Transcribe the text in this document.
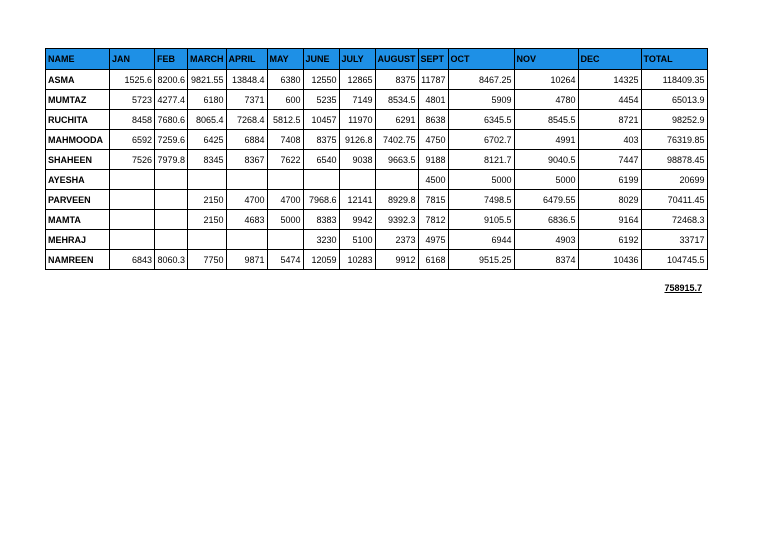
NAME	JAN	FEB	MARCH	APRIL	MAY	JUNE	JULY	AUGUST	SEPT	OCT	NOV	DEC	TOTAL
ASMA	1525.6	8200.6	9821.55	13848.4	6380	12550	12865	8375	11787	8467.25	10264	14325	118409.35
MUMTAZ	5723	4277.4	6180	7371	600	5235	7149	8534.5	4801	5909	4780	4454	65013.9
RUCHITA	8458	7680.6	8065.4	7268.4	5812.5	10457	11970	6291	8638	6345.5	8545.5	8721	98252.9
MAHMOODA	6592	7259.6	6425	6884	7408	8375	9126.8	7402.75	4750	6702.7	4991	403	76319.85
SHAHEEN	7526	7979.8	8345	8367	7622	6540	9038	9663.5	9188	8121.7	9040.5	7447	98878.45
AYESHA									4500	5000	5000	6199	20699
PARVEEN			2150	4700	4700	7968.6	12141	8929.8	7815	7498.5	6479.55	8029	70411.45
MAMTA			2150	4683	5000	8383	9942	9392.3	7812	9105.5	6836.5	9164	72468.3
MEHRAJ						3230	5100	2373	4975	6944	4903	6192	33717
NAMREEN	6843	8060.3	7750	9871	5474	12059	10283	9912	6168	9515.25	8374	10436	104745.5
758915.7
